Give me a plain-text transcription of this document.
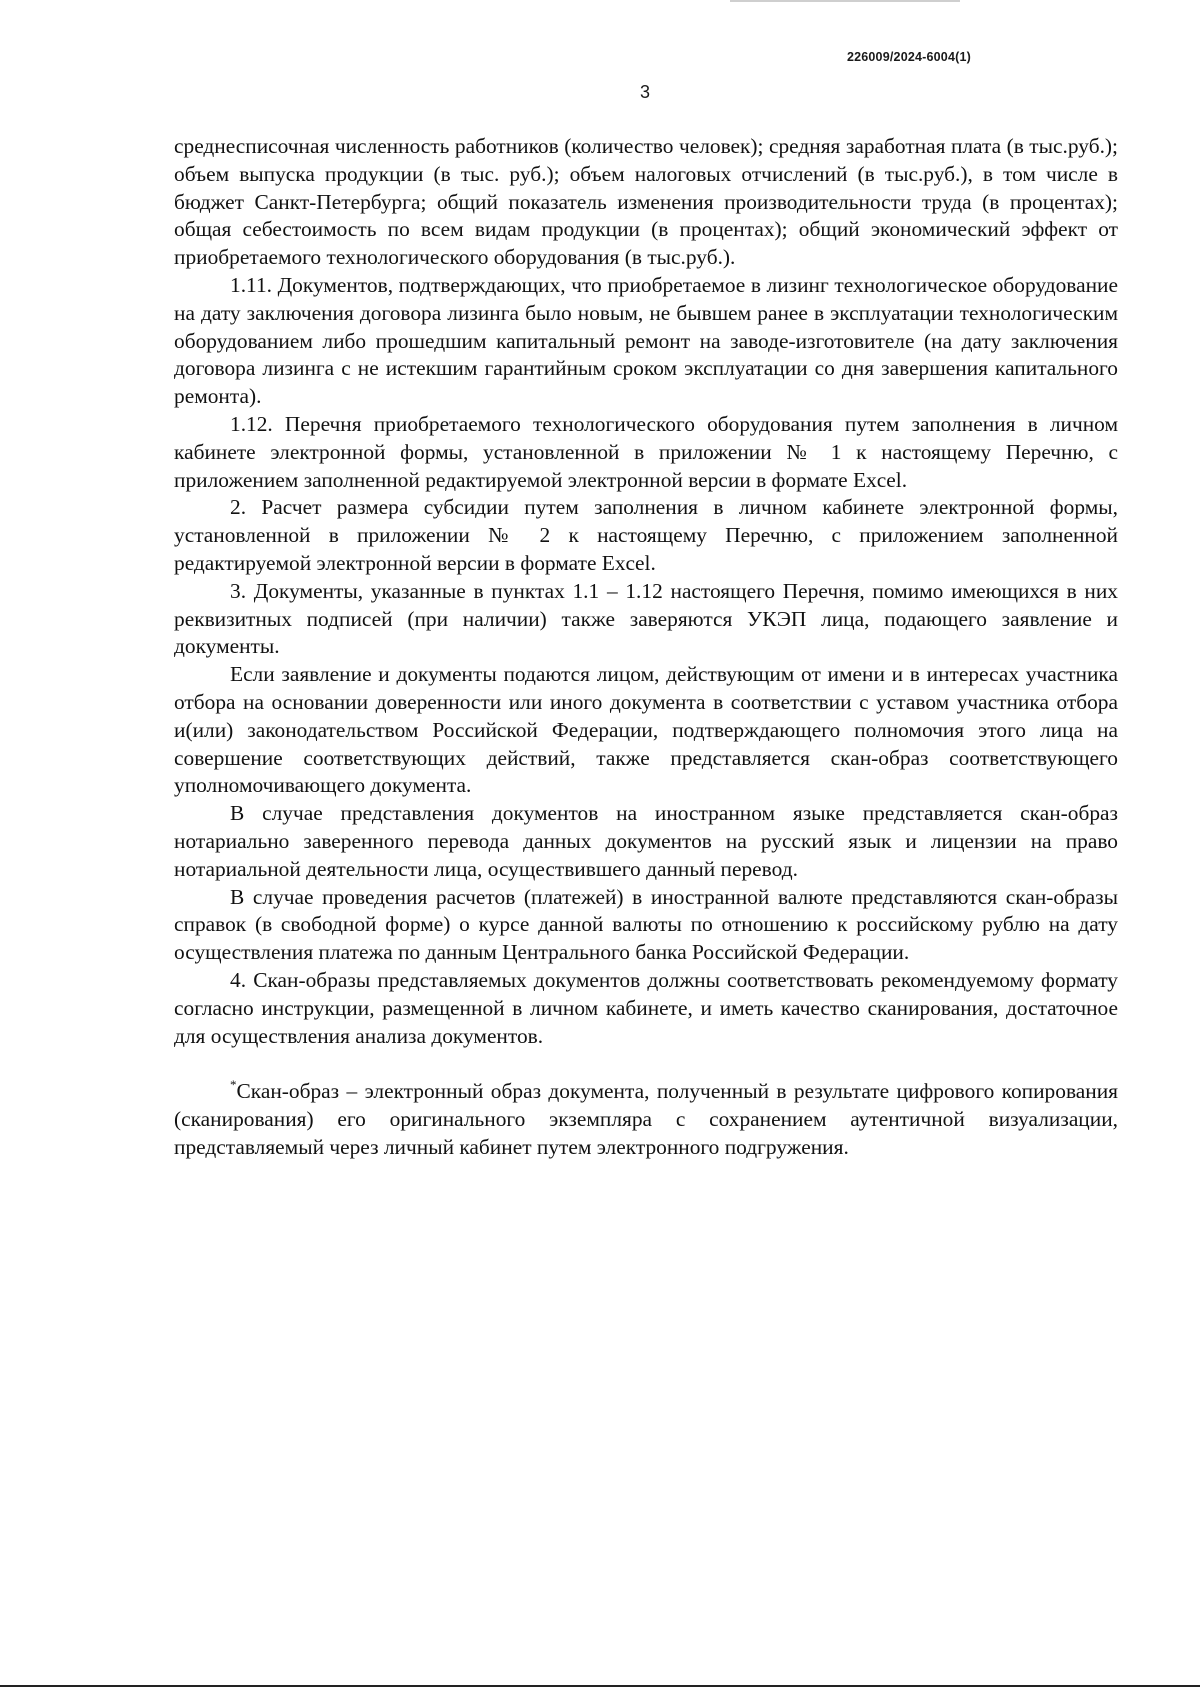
226009/2024-6004(1)
3

среднесписочная численность работников (количество человек); средняя заработная плата (в тыс.руб.); объем выпуска продукции (в тыс. руб.); объем налоговых отчислений (в тыс.руб.), в том числе в бюджет Санкт-Петербурга; общий показатель изменения производительности труда (в процентах); общая себестоимость по всем видам продукции (в процентах); общий экономический эффект от приобретаемого технологического оборудования (в тыс.руб.).

1.11. Документов, подтверждающих, что приобретаемое в лизинг технологическое оборудование на дату заключения договора лизинга было новым, не бывшем ранее в эксплуатации технологическим оборудованием либо прошедшим капитальный ремонт на заводе-изготовителе (на дату заключения договора лизинга с не истекшим гарантийным сроком эксплуатации со дня завершения капитального ремонта).

1.12. Перечня приобретаемого технологического оборудования путем заполнения в личном кабинете электронной формы, установленной в приложении № 1 к настоящему Перечню, с приложением заполненной редактируемой электронной версии в формате Excel.

2. Расчет размера субсидии путем заполнения в личном кабинете электронной формы, установленной в приложении № 2 к настоящему Перечню, с приложением заполненной редактируемой электронной версии в формате Excel.

3. Документы, указанные в пунктах 1.1 – 1.12 настоящего Перечня, помимо имеющихся в них реквизитных подписей (при наличии) также заверяются УКЭП лица, подающего заявление и документы.

Если заявление и документы подаются лицом, действующим от имени и в интересах участника отбора на основании доверенности или иного документа в соответствии с уставом участника отбора и(или) законодательством Российской Федерации, подтверждающего полномочия этого лица на совершение соответствующих действий, также представляется скан-образ соответствующего уполномочивающего документа.

В случае представления документов на иностранном языке представляется скан-образ нотариально заверенного перевода данных документов на русский язык и лицензии на право нотариальной деятельности лица, осуществившего данный перевод.

В случае проведения расчетов (платежей) в иностранной валюте представляются скан-образы справок (в свободной форме) о курсе данной валюты по отношению к российскому рублю на дату осуществления платежа по данным Центрального банка Российской Федерации.

4. Скан-образы представляемых документов должны соответствовать рекомендуемому формату согласно инструкции, размещенной в личном кабинете, и иметь качество сканирования, достаточное для осуществления анализа документов.

*Скан-образ – электронный образ документа, полученный в результате цифрового копирования (сканирования) его оригинального экземпляра с сохранением аутентичной визуализации, представляемый через личный кабинет путем электронного подгружения.
